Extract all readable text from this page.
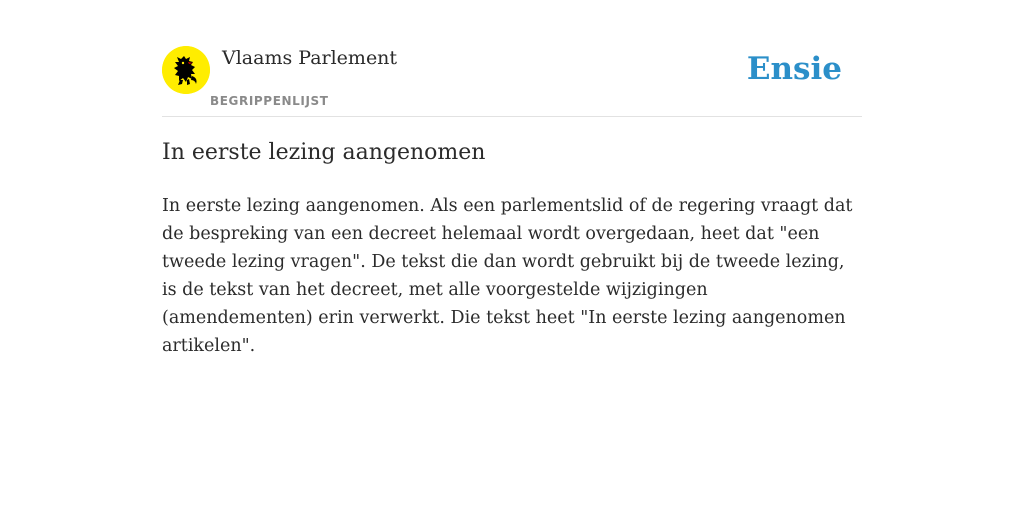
Vlaams Parlement
BEGRIPPENLIJST
Ensie
In eerste lezing aangenomen

In eerste lezing aangenomen. Als een parlementslid of de regering vraagt dat de bespreking van een decreet helemaal wordt overgedaan, heet dat "een tweede lezing vragen". De tekst die dan wordt gebruikt bij de tweede lezing, is de tekst van het decreet, met alle voorgestelde wijzigingen (amendementen) erin verwerkt. Die tekst heet "In eerste lezing aangenomen artikelen".
